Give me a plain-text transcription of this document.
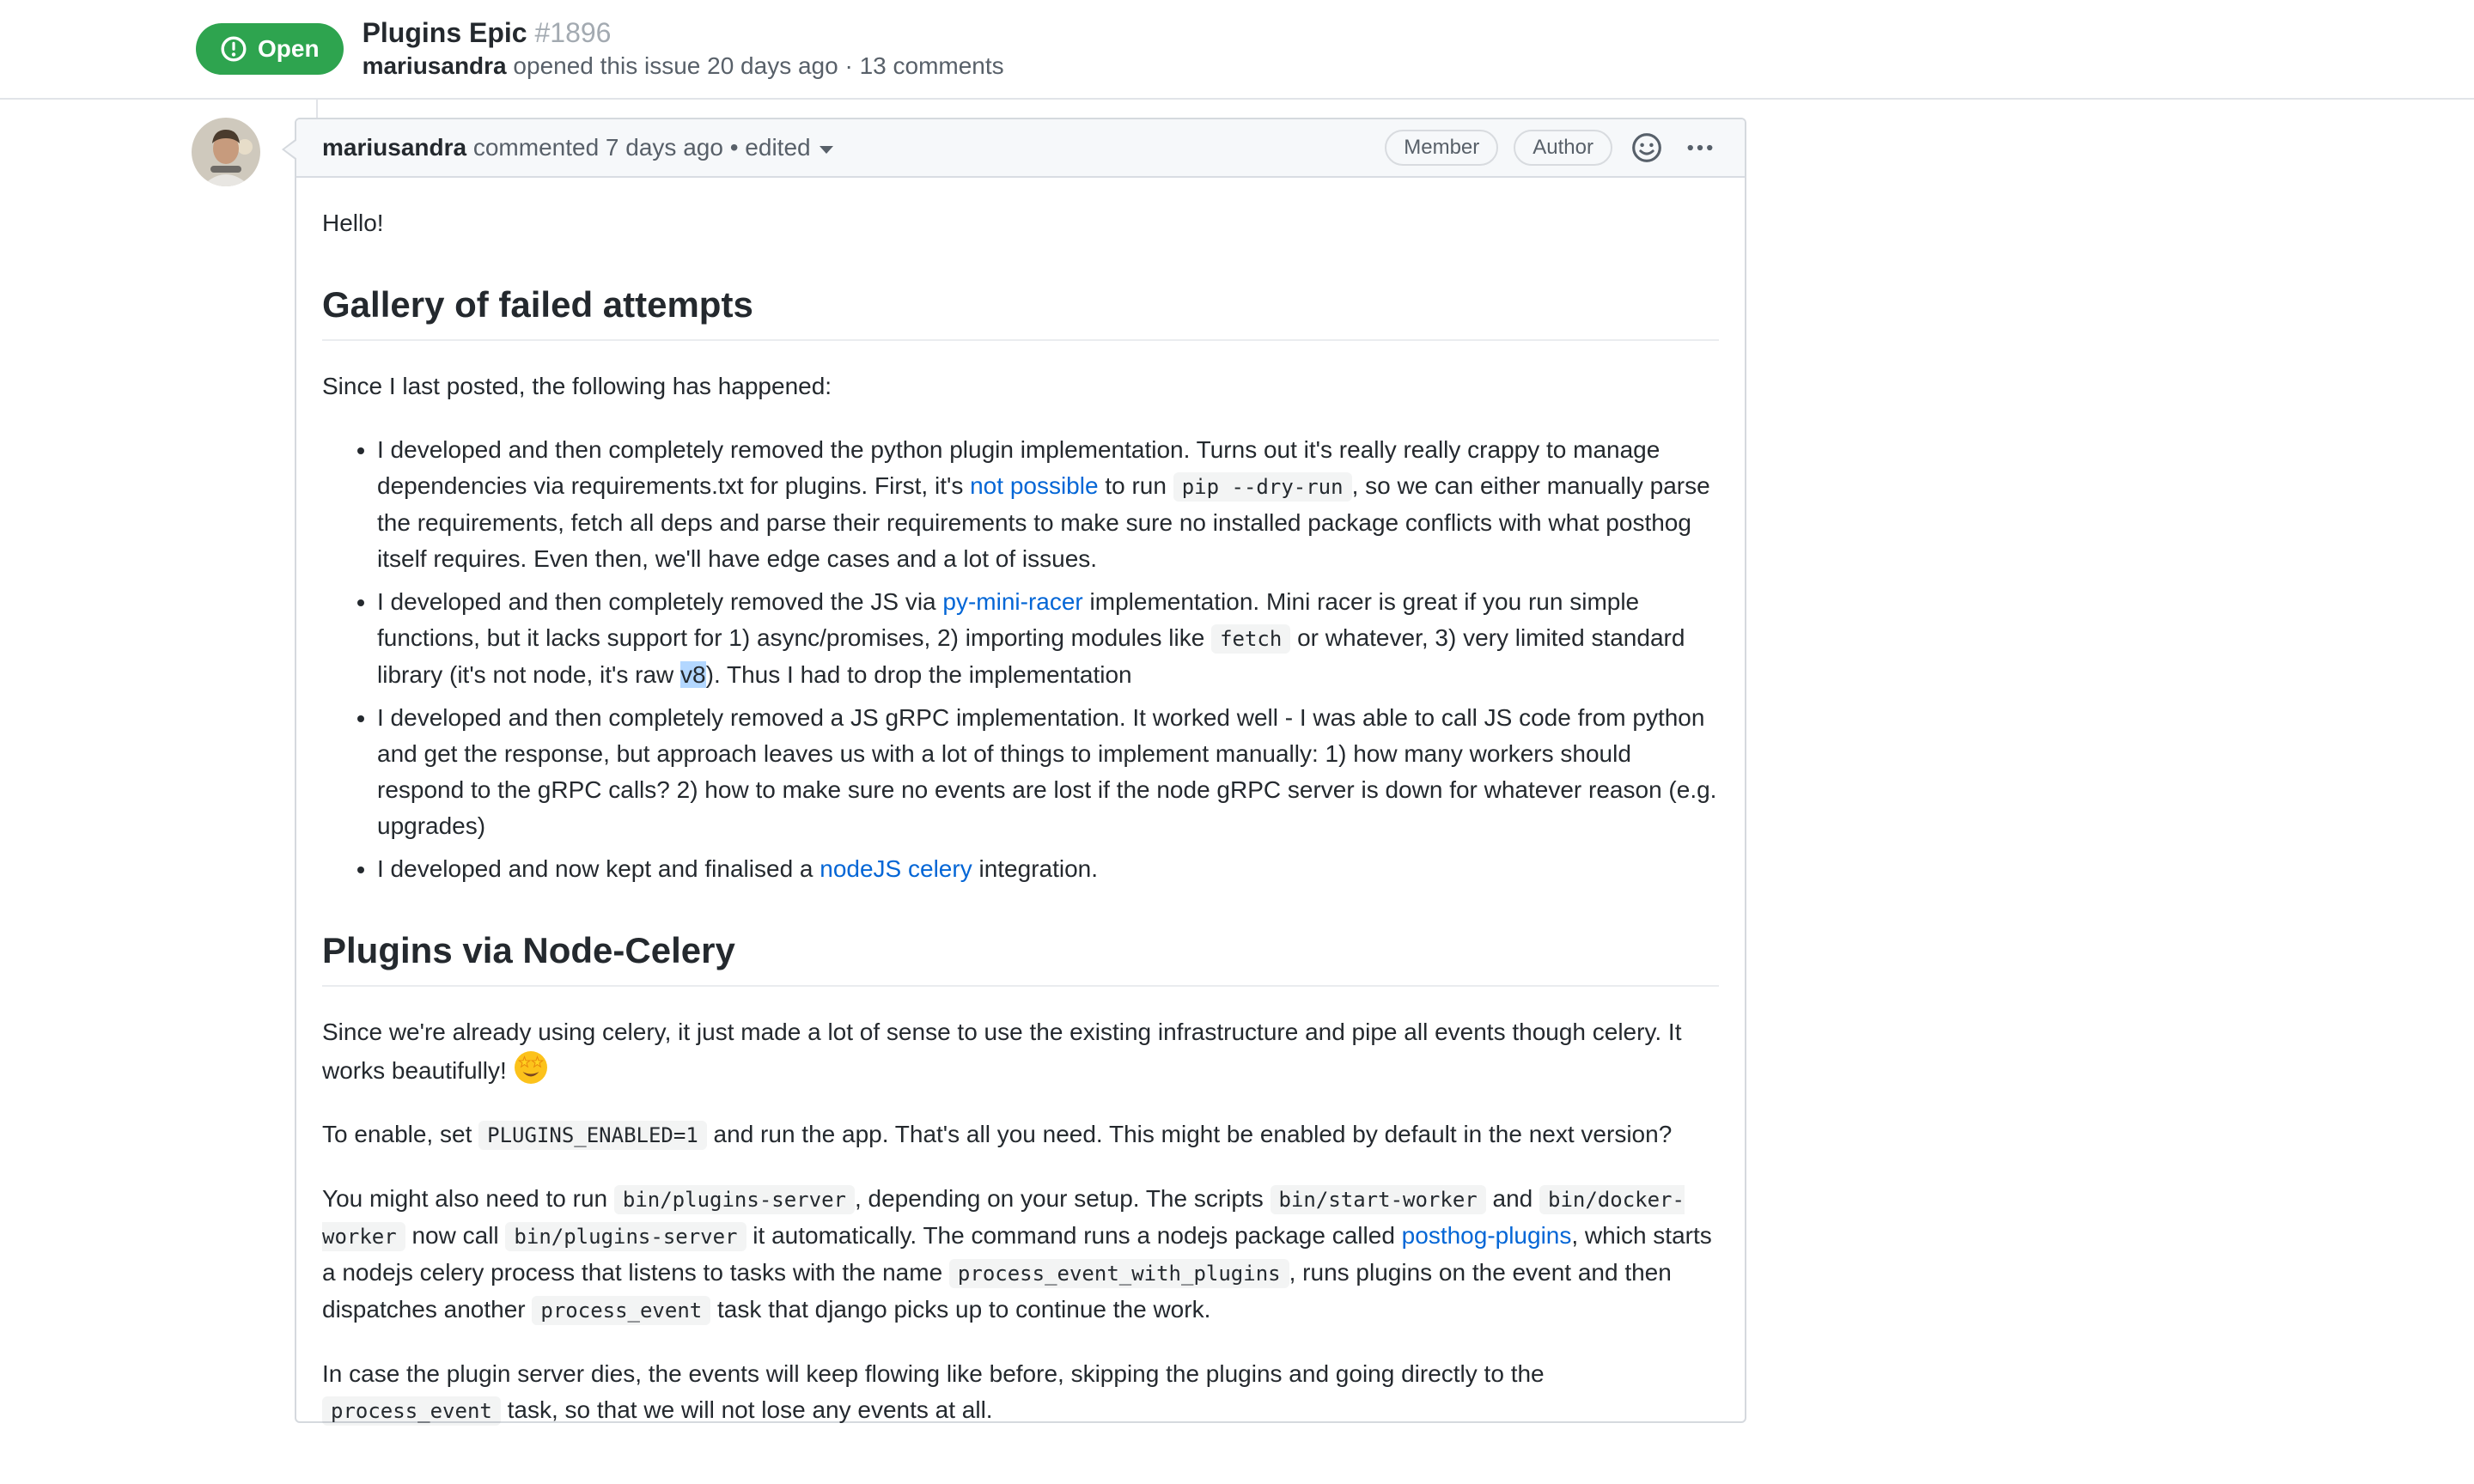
Open
Plugins Epic #1896
mariusandra opened this issue 20 days ago · 13 comments
mariusandra commented 7 days ago • edited	Member	Author

Hello!

Gallery of failed attempts

Since I last posted, the following has happened:

• I developed and then completely removed the python plugin implementation. Turns out it's really really crappy to manage dependencies via requirements.txt for plugins. First, it's not possible to run pip --dry-run , so we can either manually parse the requirements, fetch all deps and parse their requirements to make sure no installed package conflicts with what posthog itself requires. Even then, we'll have edge cases and a lot of issues.
• I developed and then completely removed the JS via py-mini-racer implementation. Mini racer is great if you run simple functions, but it lacks support for 1) async/promises, 2) importing modules like fetch or whatever, 3) very limited standard library (it's not node, it's raw v8). Thus I had to drop the implementation
• I developed and then completely removed a JS gRPC implementation. It worked well - I was able to call JS code from python and get the response, but approach leaves us with a lot of things to implement manually: 1) how many workers should respond to the gRPC calls? 2) how to make sure no events are lost if the node gRPC server is down for whatever reason (e.g. upgrades)
• I developed and now kept and finalised a nodeJS celery integration.
Plugins via Node-Celery

Since we're already using celery, it just made a lot of sense to use the existing infrastructure and pipe all events though celery. It works beautifully!

To enable, set PLUGINS_ENABLED=1 and run the app. That's all you need. This might be enabled by default in the next version?

You might also need to run bin/plugins-server , depending on your setup. The scripts bin/start-worker and bin/docker-worker now call bin/plugins-server it automatically. The command runs a nodejs package called posthog-plugins, which starts a nodejs celery process that listens to tasks with the name process_event_with_plugins , runs plugins on the event and then dispatches another process_event task that django picks up to continue the work.

In case the plugin server dies, the events will keep flowing like before, skipping the plugins and going directly to the process_event task, so that we will not lose any events at all.
